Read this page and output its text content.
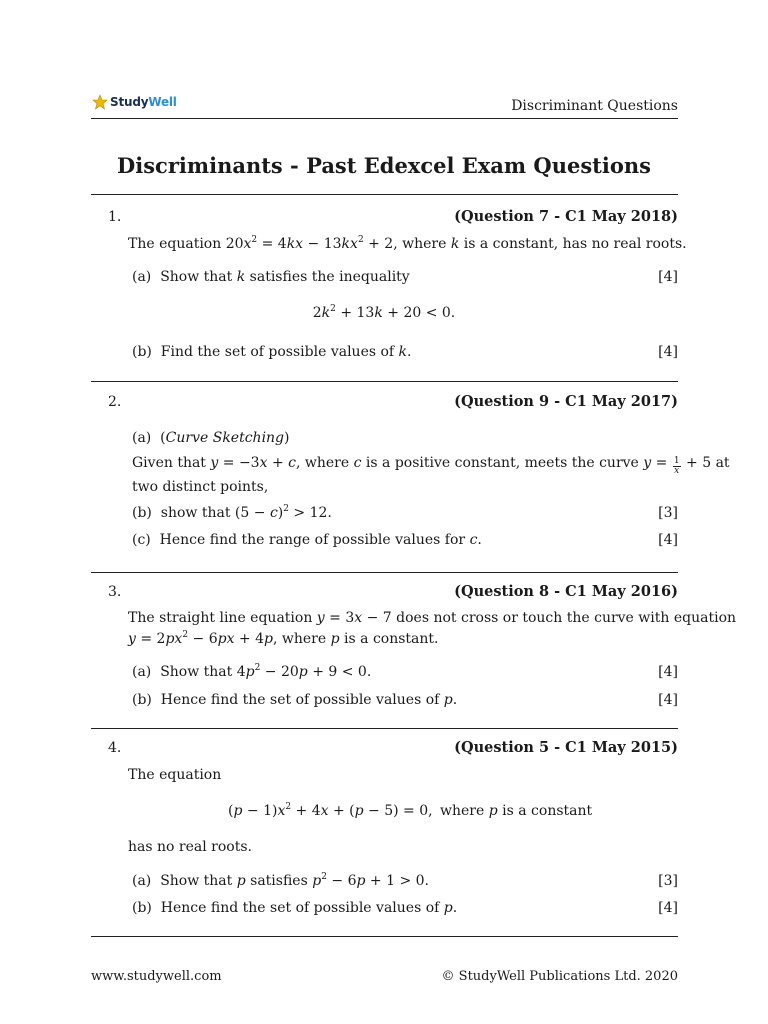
StudyWell	Discriminant Questions
Discriminants - Past Edexcel Exam Questions
1.	(Question 7 - C1 May 2018)
The equation $20x^2 = 4kx - 13kx^2 + 2$, where k is a constant, has no real roots.
(a) Show that k satisfies the inequality	[4]
$2k^2 + 13k + 20 < 0$.
(b) Find the set of possible values of k.	[4]
2.	(Question 9 - C1 May 2017)
(a)  (Curve Sketching)
Given that y = −3x + c, where c is a positive constant, meets the curve $y = \frac{1}{x} + 5$ at
two distinct points,
(b) show that $(5 - c)^2 > 12$.	[3]
(c) Hence find the range of possible values for c.	[4]
3.	(Question 8 - C1 May 2016)
The straight line equation y = 3x − 7 does not cross or touch the curve with equation
$y = 2px^2 - 6px + 4p$, where p is a constant.
(a) Show that $4p^2 - 20p + 9 < 0$.	[4]
(b) Hence find the set of possible values of p.	[4]
4.	(Question 5 - C1 May 2015)
The equation
$(p - 1)x^2 + 4x + (p - 5) = 0$, where p is a constant
has no real roots.
(a) Show that p satisfies $p^2 - 6p + 1 > 0$.	[3]
(b) Hence find the set of possible values of p.	[4]
www.studywell.com	© StudyWell Publications Ltd. 2020
